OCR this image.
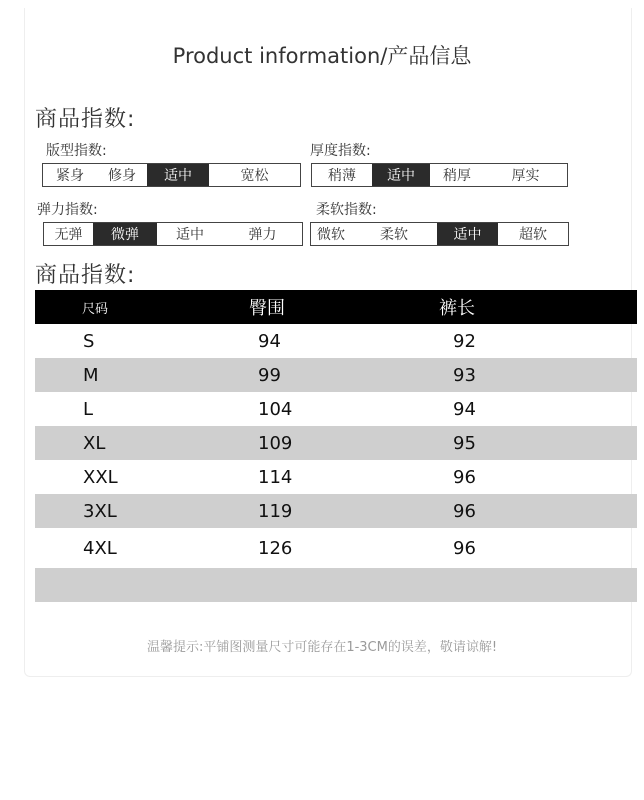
Product information/产品信息
商品指数:
版型指数:
紧身	修身	适中	宽松
厚度指数:
稍薄	适中	稍厚	厚实
弹力指数:
无弹	微弹	适中	弹力
柔软指数:
微软	柔软	适中	超软
商品指数:
尺码	臀围	裤长
S	94	92
M	99	93
L	104	94
XL	109	95
XXL	114	96
3XL	119	96
4XL	126	96
温馨提示:平铺图测量尺寸可能存在1-3CM的误差，敬请谅解!
